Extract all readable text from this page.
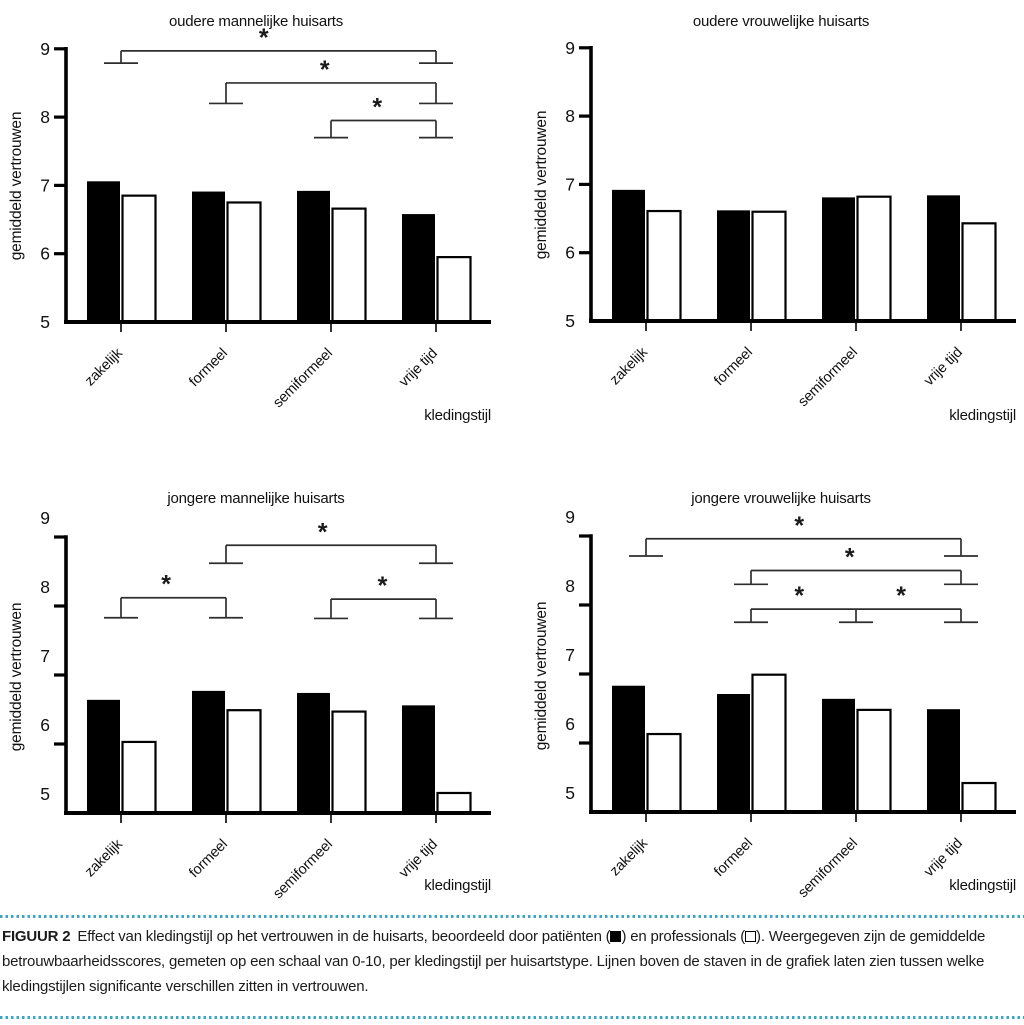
oudere mannelijke huisarts
5
6
7
8
9
zakelijk	formeel	semiformeel	vrije tijd
kledingstijl
gemiddeld vertrouwen
*
*
*
oudere vrouwelijke huisarts
5
6
7
8
9
zakelijk	formeel	semiformeel	vrije tijd
kledingstijl
gemiddeld vertrouwen
jongere mannelijke huisarts
5
6
7
8
9
zakelijk	formeel	semiformeel	vrije tijd
kledingstijl
gemiddeld vertrouwen
*
*	*
jongere vrouwelijke huisarts
5
6
7
8
9
zakelijk	formeel	semiformeel	vrije tijd
kledingstijl
gemiddeld vertrouwen
*
*
*	*

FIGUUR 2 Effect van kledingstijl op het vertrouwen in de huisarts, beoordeeld door patiënten ( ) en professionals ( ). Weergegeven zijn de gemiddelde
betrouwbaarheidsscores, gemeten op een schaal van 0-10, per kledingstijl per huisartstype. Lijnen boven de staven in de grafiek laten zien tussen welke
kledingstijlen significante verschillen zitten in vertrouwen.
